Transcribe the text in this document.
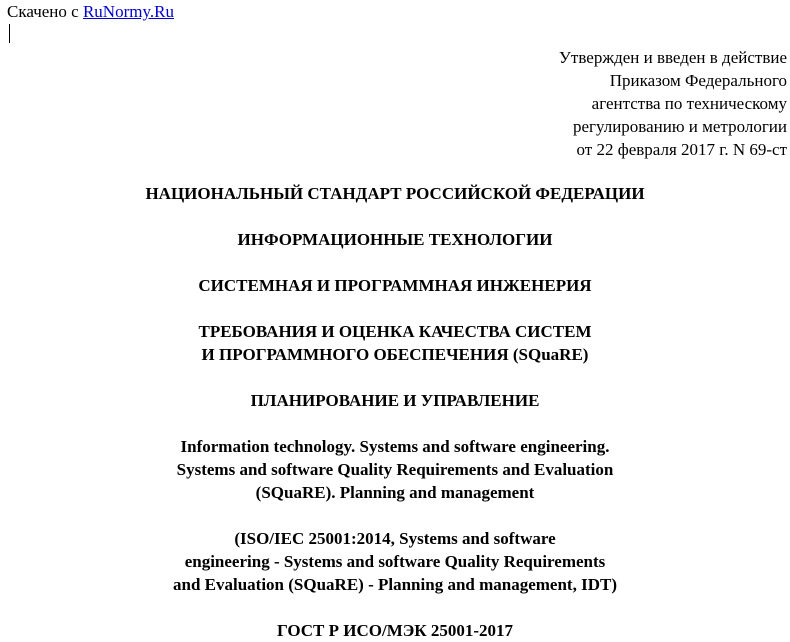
Скачено с RuNormy.Ru
Утвержден и введен в действие
Приказом Федерального
агентства по техническому
регулированию и метрологии
от 22 февраля 2017 г. N 69-ст
НАЦИОНАЛЬНЫЙ СТАНДАРТ РОССИЙСКОЙ ФЕДЕРАЦИИ
ИНФОРМАЦИОННЫЕ ТЕХНОЛОГИИ
СИСТЕМНАЯ И ПРОГРАММНАЯ ИНЖЕНЕРИЯ
ТРЕБОВАНИЯ И ОЦЕНКА КАЧЕСТВА СИСТЕМ
И ПРОГРАММНОГО ОБЕСПЕЧЕНИЯ (SQuaRE)
ПЛАНИРОВАНИЕ И УПРАВЛЕНИЕ
Information technology. Systems and software engineering.
Systems and software Quality Requirements and Evaluation
(SQuaRE). Planning and management
(ISO/IEC 25001:2014, Systems and software
engineering - Systems and software Quality Requirements
and Evaluation (SQuaRE) - Planning and management, IDT)
ГОСТ Р ИСО/МЭК 25001-2017
